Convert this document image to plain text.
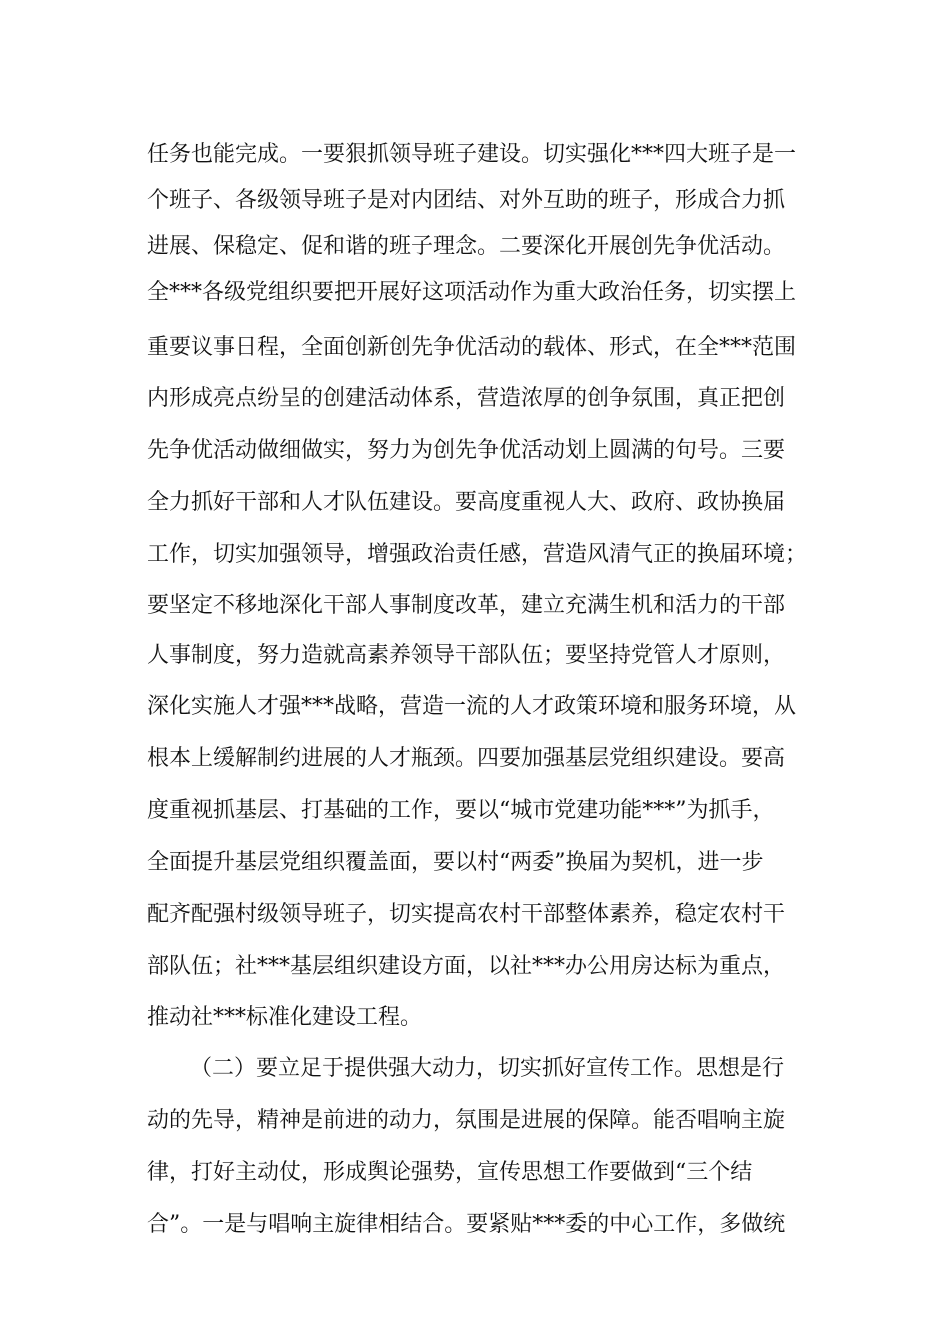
任务也能完成。一要狠抓领导班子建设。切实强化***四大班子是一
个班子、各级领导班子是对内团结、对外互助的班子，形成合力抓
进展、保稳定、促和谐的班子理念。二要深化开展创先争优活动。
全***各级党组织要把开展好这项活动作为重大政治任务，切实摆上
重要议事日程，全面创新创先争优活动的载体、形式，在全***范围
内形成亮点纷呈的创建活动体系，营造浓厚的创争氛围，真正把创
先争优活动做细做实，努力为创先争优活动划上圆满的句号。三要
全力抓好干部和人才队伍建设。要高度重视人大、政府、政协换届
工作，切实加强领导，增强政治责任感，营造风清气正的换届环境；
要坚定不移地深化干部人事制度改革，建立充满生机和活力的干部
人事制度，努力造就高素养领导干部队伍；要坚持党管人才原则，
深化实施人才强***战略，营造一流的人才政策环境和服务环境，从
根本上缓解制约进展的人才瓶颈。四要加强基层党组织建设。要高
度重视抓基层、打基础的工作，要以“城市党建功能***”为抓手，
全面提升基层党组织覆盖面，要以村“两委”换届为契机，进一步
配齐配强村级领导班子，切实提高农村干部整体素养，稳定农村干
部队伍；社***基层组织建设方面，以社***办公用房达标为重点，
推动社***标准化建设工程。
（二）要立足于提供强大动力，切实抓好宣传工作。思想是行
动的先导，精神是前进的动力，氛围是进展的保障。能否唱响主旋
律，打好主动仗，形成舆论强势，宣传思想工作要做到“三个结
合”。一是与唱响主旋律相结合。要紧贴***委的中心工作，多做统
